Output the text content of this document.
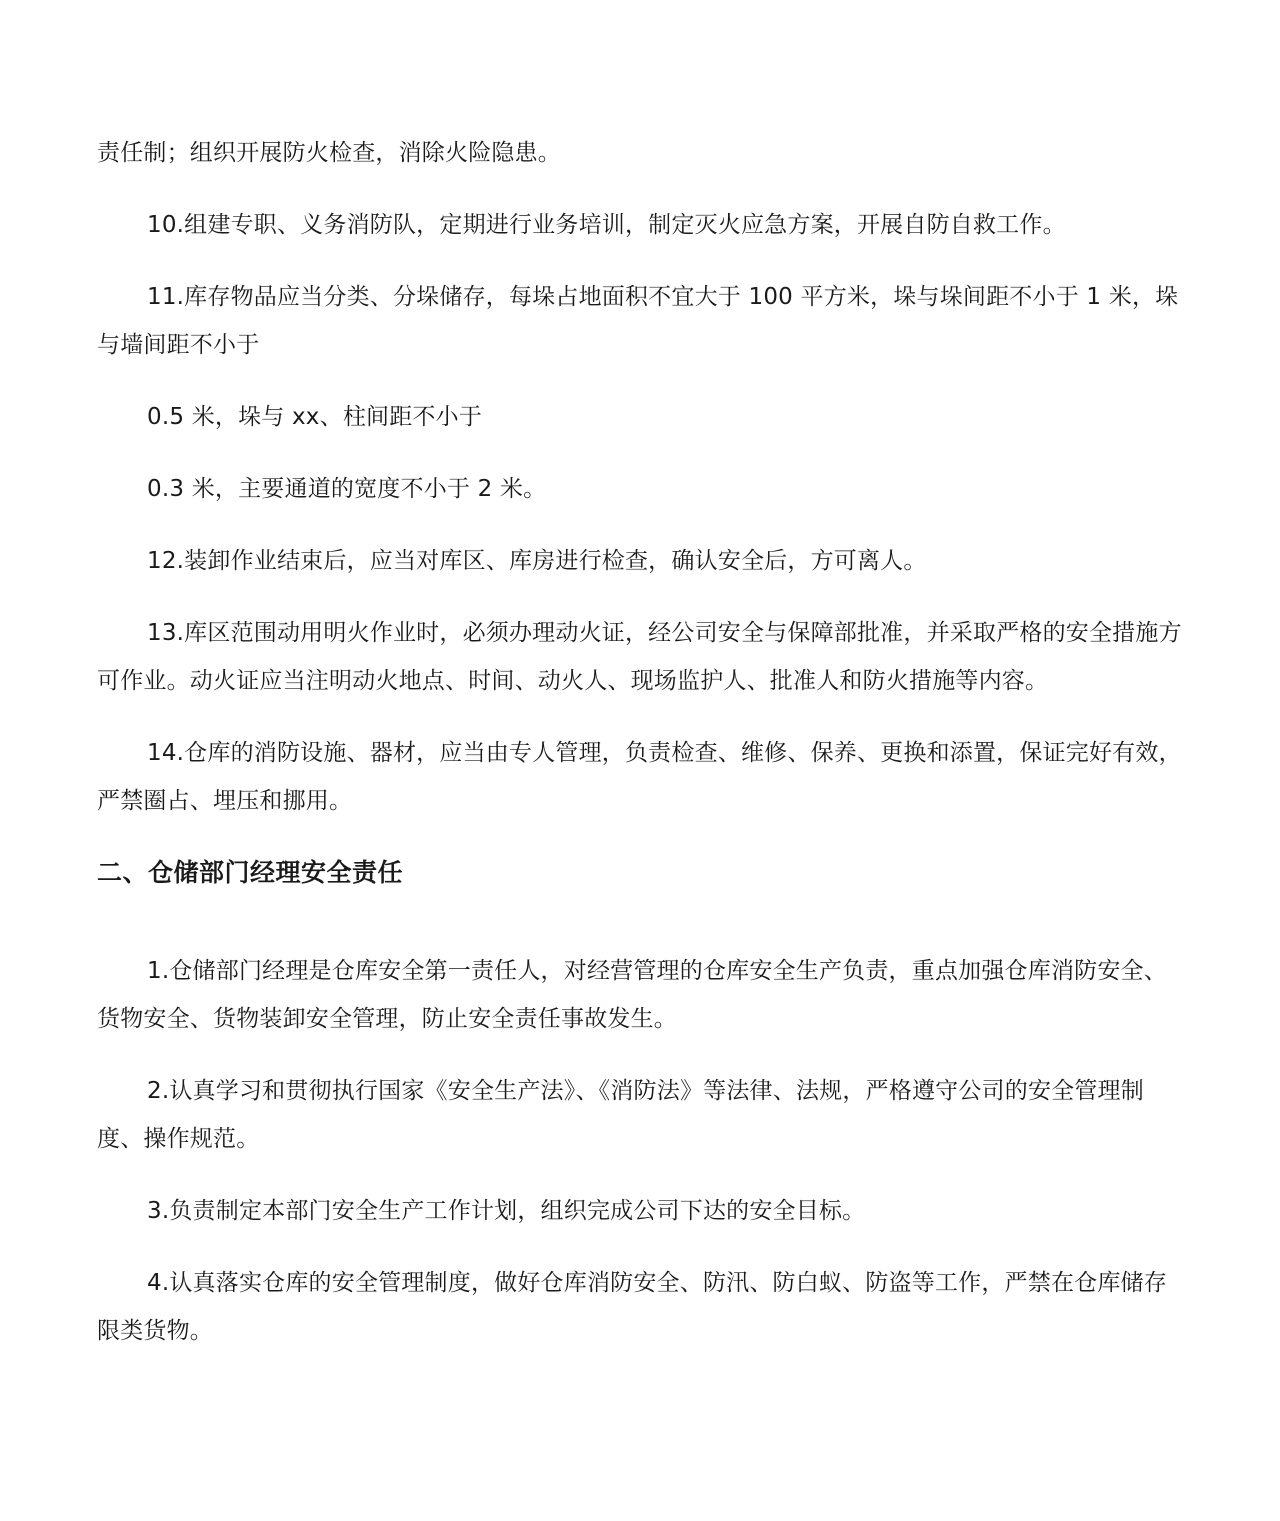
责任制；组织开展防火检查，消除火险隐患。

10.组建专职、义务消防队，定期进行业务培训，制定灭火应急方案，开展自防自救工作。

11.库存物品应当分类、分垛储存，每垛占地面积不宜大于 100 平方米，垛与垛间距不小于 1 米，垛与墙间距不小于

0.5 米，垛与 xx、柱间距不小于

0.3 米，主要通道的宽度不小于 2 米。

12.装卸作业结束后，应当对库区、库房进行检查，确认安全后，方可离人。

13.库区范围动用明火作业时，必须办理动火证，经公司安全与保障部批准，并采取严格的安全措施方可作业。动火证应当注明动火地点、时间、动火人、现场监护人、批准人和防火措施等内容。

14.仓库的消防设施、器材，应当由专人管理，负责检查、维修、保养、更换和添置，保证完好有效，严禁圈占、埋压和挪用。

二、仓储部门经理安全责任

1.仓储部门经理是仓库安全第一责任人，对经营管理的仓库安全生产负责，重点加强仓库消防安全、货物安全、货物装卸安全管理，防止安全责任事故发生。

2.认真学习和贯彻执行国家《安全生产法》、《消防法》等法律、法规，严格遵守公司的安全管理制度、操作规范。

3.负责制定本部门安全生产工作计划，组织完成公司下达的安全目标。

4.认真落实仓库的安全管理制度，做好仓库消防安全、防汛、防白蚁、防盗等工作，严禁在仓库储存限类货物。
